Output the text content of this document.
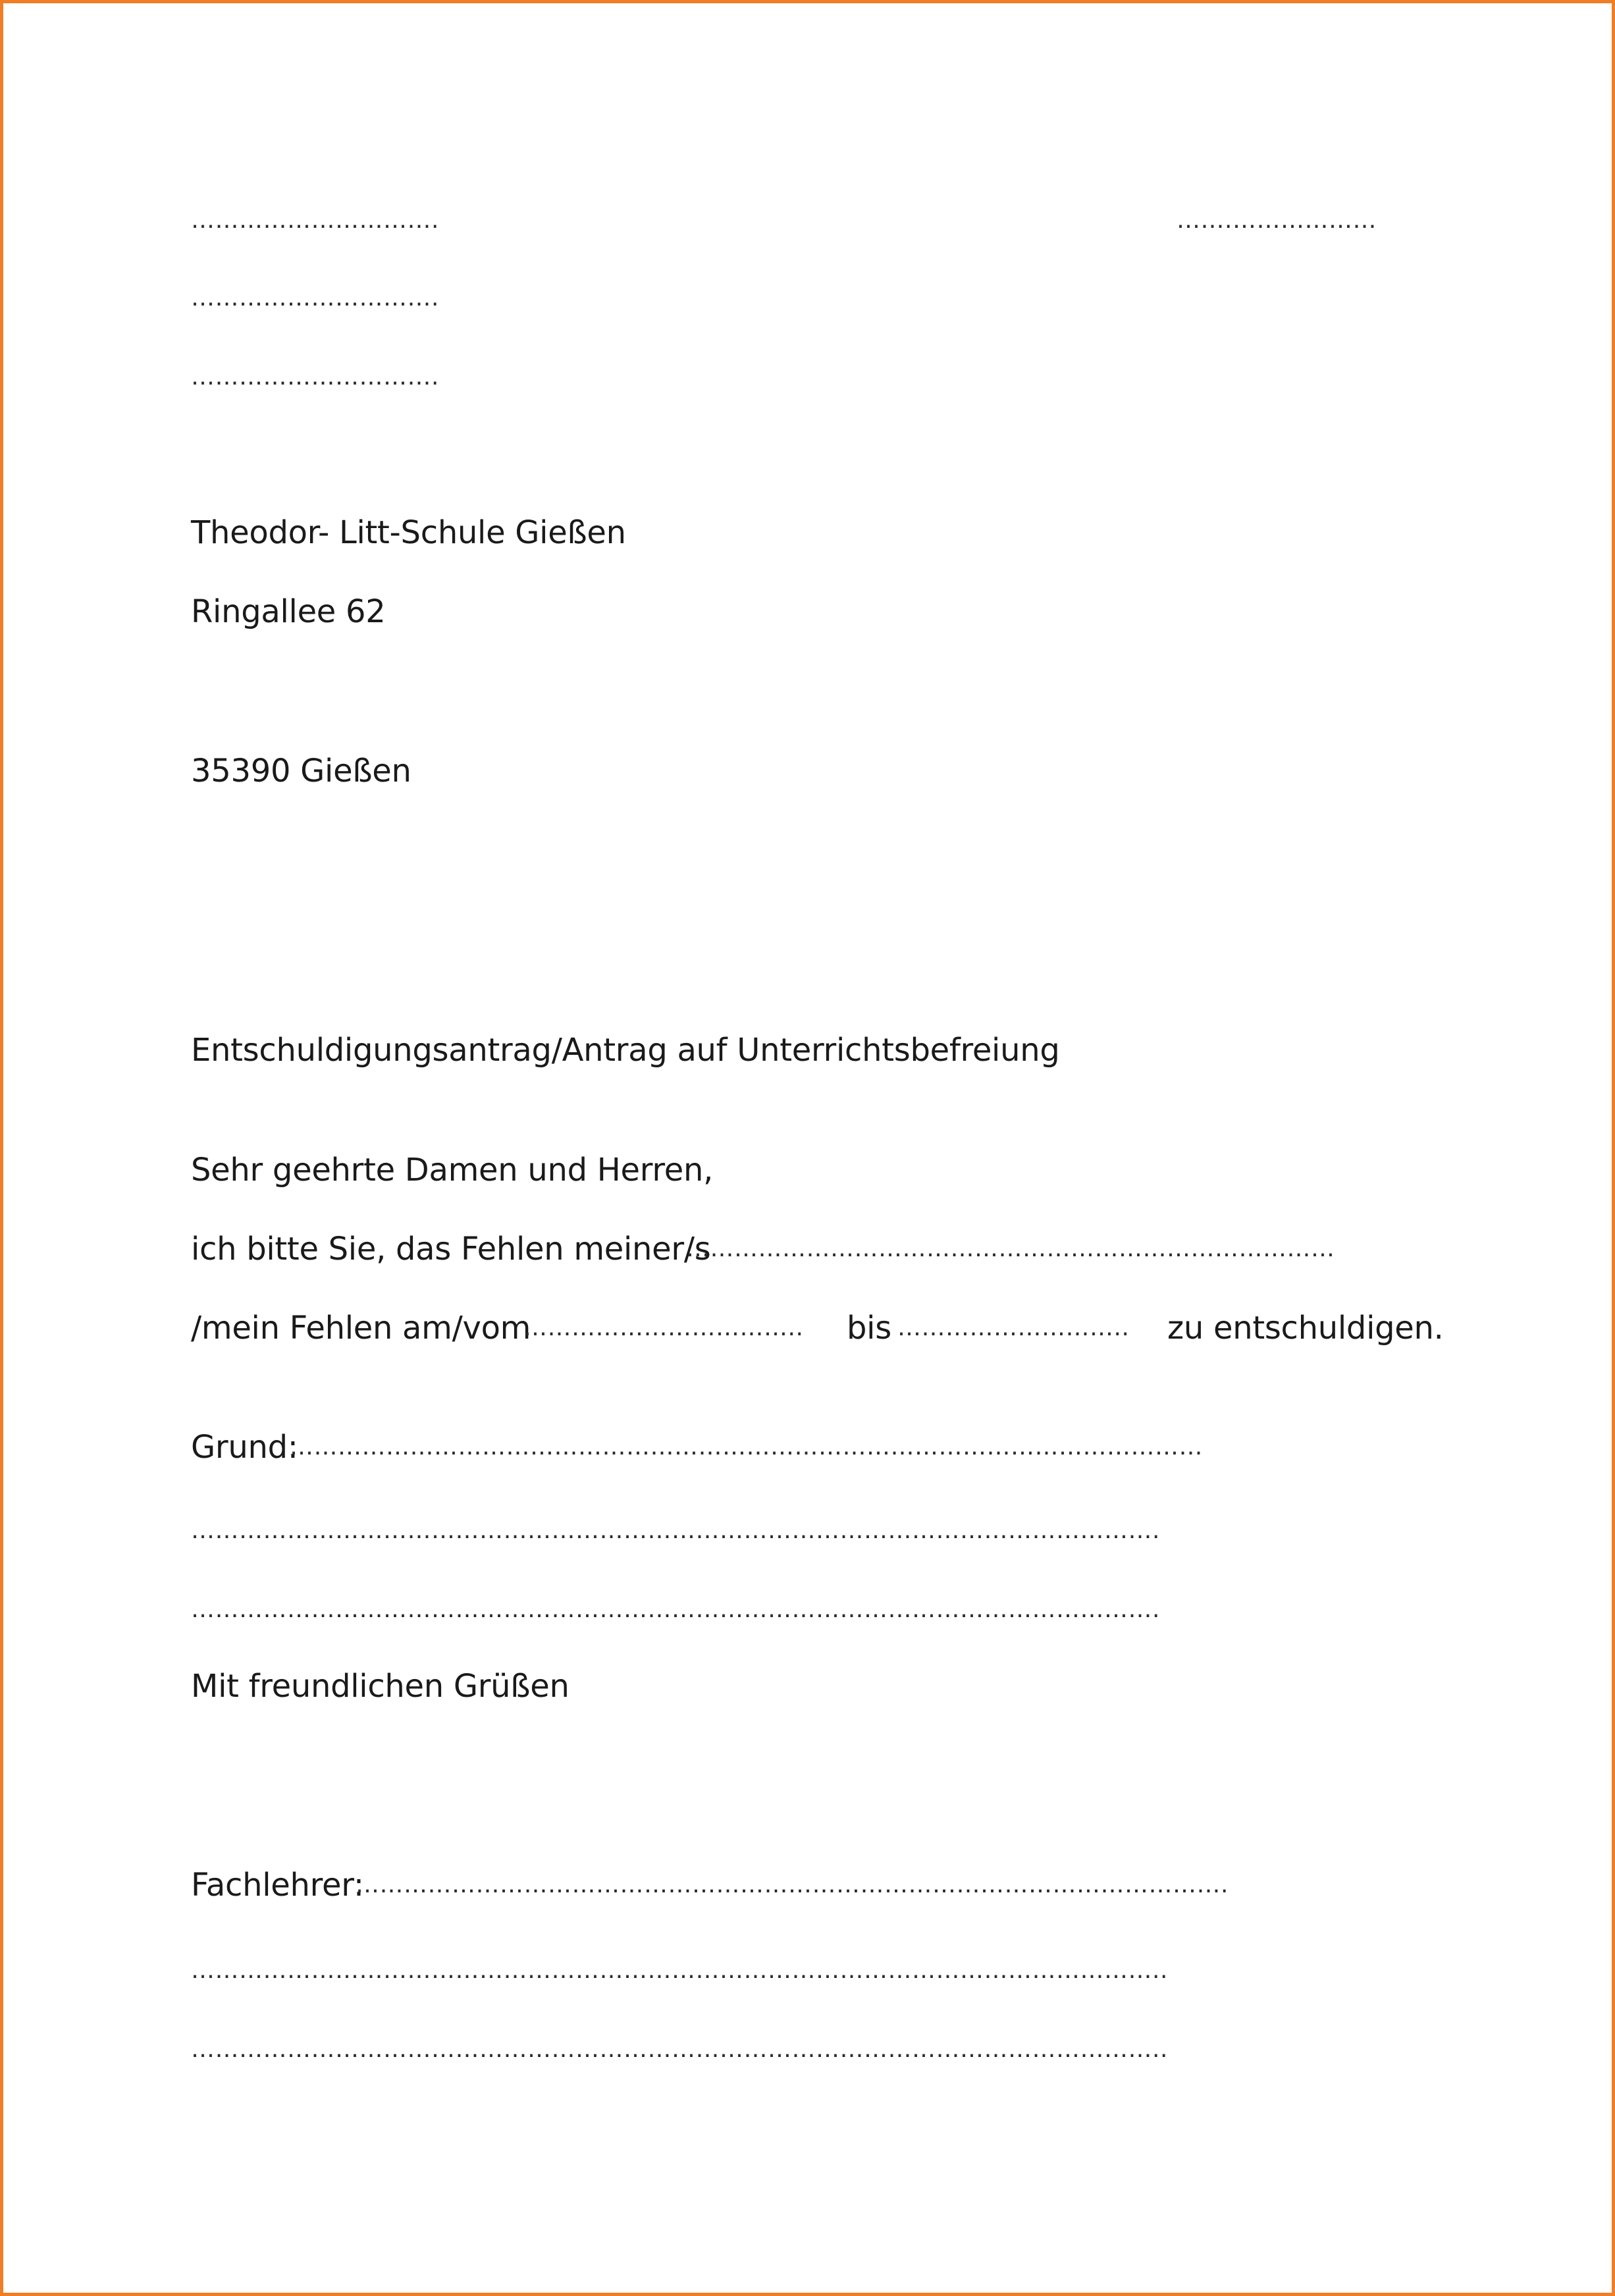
………………………….
………………………….
………………………….
…….………………
Theodor- Litt-Schule Gießen
Ringallee 62
35390 Gießen
Entschuldigungsantrag/Antrag auf Unterrichtsbefreiung
Sehr geehrte Damen und Herren,
ich bitte Sie, das Fehlen meiner/s
………………………………………………………………………
/mein Fehlen am/vom
……………………………..	bis ………………………..	zu entschuldigen.
Grund:
……………………………………………………………………………………………………
………………………………………………………………………………………………………….
………………………………………………………………………………………………………….
Mit freundlichen Grüßen
Fachlehrer:
……………………………………………………………………………………………….
…………………………………………………………………………………………………………..
…………………………………………………………………………………………………………..
